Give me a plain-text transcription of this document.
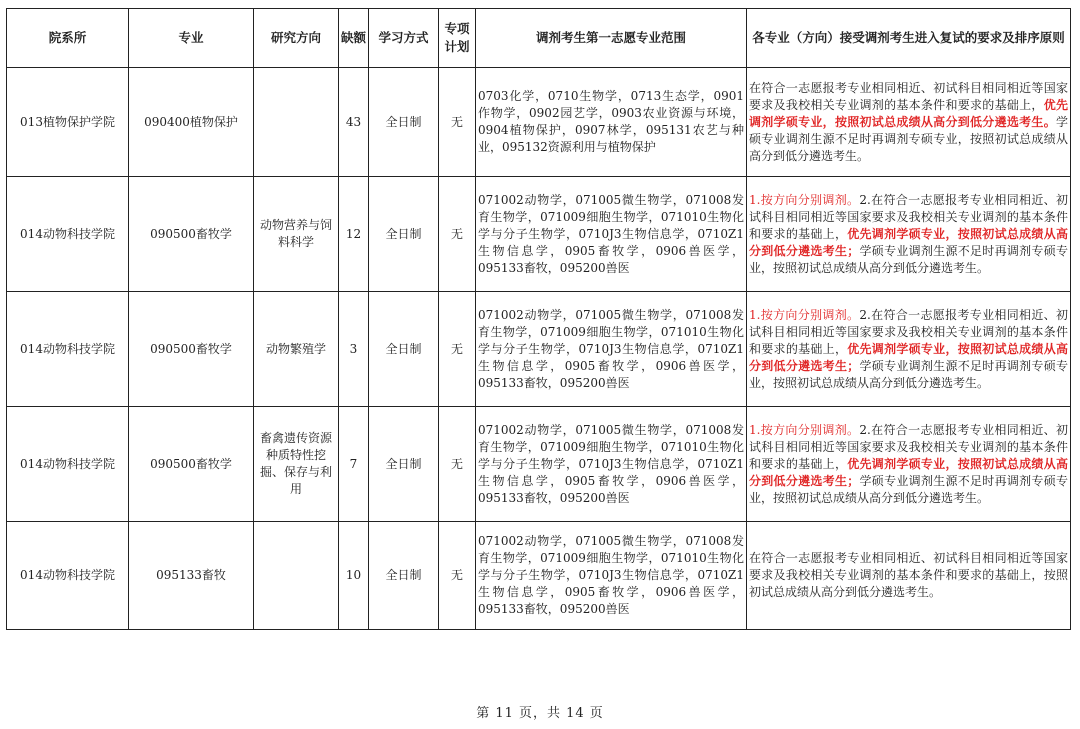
院系所	专业	研究方向	缺额	学习方式	专项计划	调剂考生第一志愿专业范围	各专业（方向）接受调剂考生进入复试的要求及排序原则
013植物保护学院	090400植物保护		43	全日制	无	0703化学，0710生物学，0713生态学，0901作物学，0902园艺学，0903农业资源与环境，0904植物保护，0907林学，095131农艺与种业，095132资源利用与植物保护	在符合一志愿报考专业相同相近、初试科目相同相近等国家要求及我校相关专业调剂的基本条件和要求的基础上，优先调剂学硕专业，按照初试总成绩从高分到低分遴选考生。学硕专业调剂生源不足时再调剂专硕专业，按照初试总成绩从高分到低分遴选考生。
014动物科技学院	090500畜牧学	动物营养与饲料科学	12	全日制	无	071002动物学，071005微生物学，071008发育生物学，071009细胞生物学，071010生物化学与分子生物学，0710J3生物信息学，0710Z1生物信息学，0905畜牧学，0906兽医学，095133畜牧，095200兽医	1.按方向分别调剂。2.在符合一志愿报考专业相同相近、初试科目相同相近等国家要求及我校相关专业调剂的基本条件和要求的基础上，优先调剂学硕专业，按照初试总成绩从高分到低分遴选考生；学硕专业调剂生源不足时再调剂专硕专业，按照初试总成绩从高分到低分遴选考生。
014动物科技学院	090500畜牧学	动物繁殖学	3	全日制	无	071002动物学，071005微生物学，071008发育生物学，071009细胞生物学，071010生物化学与分子生物学，0710J3生物信息学，0710Z1生物信息学，0905畜牧学，0906兽医学，095133畜牧，095200兽医	1.按方向分别调剂。2.在符合一志愿报考专业相同相近、初试科目相同相近等国家要求及我校相关专业调剂的基本条件和要求的基础上，优先调剂学硕专业，按照初试总成绩从高分到低分遴选考生；学硕专业调剂生源不足时再调剂专硕专业，按照初试总成绩从高分到低分遴选考生。
014动物科技学院	090500畜牧学	畜禽遗传资源种质特性挖掘、保存与利用	7	全日制	无	071002动物学，071005微生物学，071008发育生物学，071009细胞生物学，071010生物化学与分子生物学，0710J3生物信息学，0710Z1生物信息学，0905畜牧学，0906兽医学，095133畜牧，095200兽医	1.按方向分别调剂。2.在符合一志愿报考专业相同相近、初试科目相同相近等国家要求及我校相关专业调剂的基本条件和要求的基础上，优先调剂学硕专业，按照初试总成绩从高分到低分遴选考生；学硕专业调剂生源不足时再调剂专硕专业，按照初试总成绩从高分到低分遴选考生。
014动物科技学院	095133畜牧		10	全日制	无	071002动物学，071005微生物学，071008发育生物学，071009细胞生物学，071010生物化学与分子生物学，0710J3生物信息学，0710Z1生物信息学，0905畜牧学，0906兽医学，095133畜牧，095200兽医	在符合一志愿报考专业相同相近、初试科目相同相近等国家要求及我校相关专业调剂的基本条件和要求的基础上，按照初试总成绩从高分到低分遴选考生。
第 11 页，共 14 页
